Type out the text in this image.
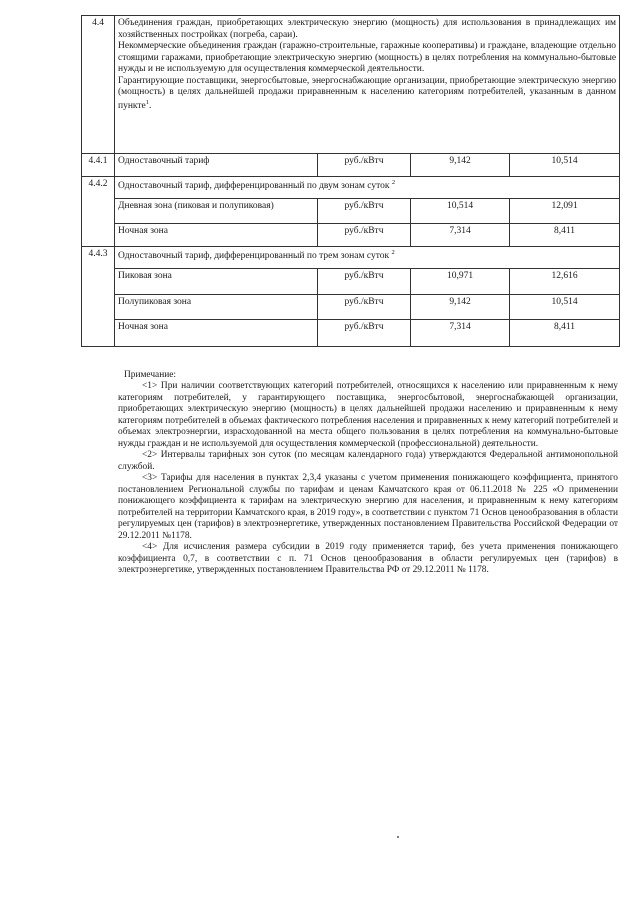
4.4	Объединения граждан, приобретающих электрическую энергию (мощность) для использования в принадлежащих им хозяйственных постройках (погреба, сараи).

Некоммерческие объединения граждан (гаражно-строительные, гаражные кооперативы) и граждане, владеющие отдельно стоящими гаражами, приобретающие электрическую энергию (мощность) в целях потребления на коммунально-бытовые нужды и не используемую для осуществления коммерческой деятельности.

Гарантирующие поставщики, энергосбытовые, энергоснабжающие организации, приобретающие электрическую энергию (мощность) в целях дальнейшей продажи приравненным к населению категориям потребителей, указанным в данном пункте$^1$.			

4.4.1	Одноставочный тариф	руб./кВтч	9,142	10,514
4.4.2	Одноставочный тариф, дифференцированный по двум зонам суток $^2$
	Дневная зона (пиковая и полупиковая)	руб./кВтч	10,514	12,091
	Ночная зона	руб./кВтч	7,314	8,411
4.4.3	Одноставочный тариф, дифференцированный по трем зонам суток $^2$
	Пиковая зона	руб./кВтч	10,971	12,616
	Полупиковая зона	руб./кВтч	9,142	10,514
	Ночная зона	руб./кВтч	7,314	8,411

Примечание:

<1> При наличии соответствующих категорий потребителей, относящихся к населению или приравненным к нему категориям потребителей, у гарантирующего поставщика, энергосбытовой, энергоснабжающей организации, приобретающих электрическую энергию (мощность) в целях дальнейшей продажи населению и приравненным к нему категориям потребителей в объемах фактического потребления населения и приравненных к нему категорий потребителей и объемах электроэнергии, израсходованной на места общего пользования в целях потребления на коммунально-бытовые нужды граждан и не используемой для осуществления коммерческой (профессиональной) деятельности.

<2> Интервалы тарифных зон суток (по месяцам календарного года) утверждаются Федеральной антимонопольной службой.

<3> Тарифы для населения в пунктах 2,3,4 указаны с учетом применения понижающего коэффициента, принятого постановлением Региональной службы по тарифам и ценам Камчатского края от 06.11.2018 № 225 «О применении понижающего коэффициента к тарифам на электрическую энергию для населения, и приравненным к нему категориям потребителей на территории Камчатского края, в 2019 году», в соответствии с пунктом 71 Основ ценообразования в области регулируемых цен (тарифов) в электроэнергетике, утвержденных постановлением Правительства Российской Федерации от 29.12.2011 №1178.

<4> Для исчисления размера субсидии в 2019 году применяется тариф, без учета применения понижающего коэффициента 0,7, в соответствии с п. 71 Основ ценообразования в области регулируемых цен (тарифов) в электроэнергетике, утвержденных постановлением Правительства РФ от 29.12.2011 № 1178.
